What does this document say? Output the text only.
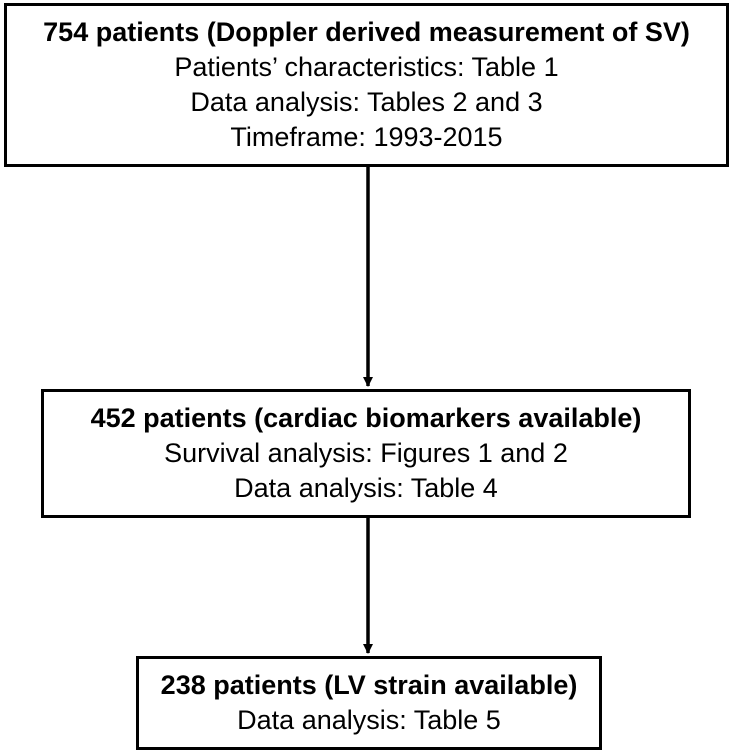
754 patients (Doppler derived measurement of SV)
Patients’ characteristics: Table 1
Data analysis: Tables 2 and 3
Timeframe: 1993-2015
452 patients (cardiac biomarkers available)
Survival analysis: Figures 1 and 2
Data analysis: Table 4
238 patients (LV strain available)
Data analysis: Table 5
